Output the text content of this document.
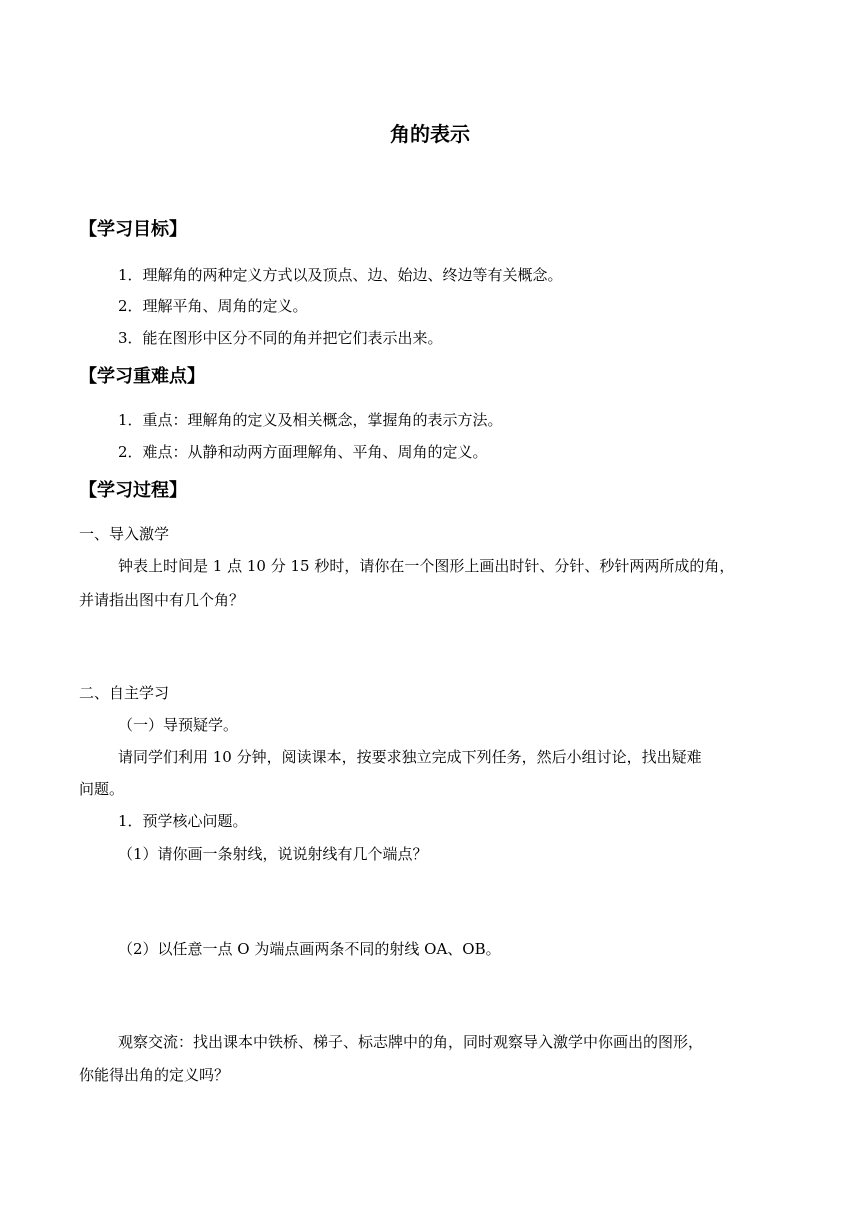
角的表示
【学习目标】
1．理解角的两种定义方式以及顶点、边、始边、终边等有关概念。
2．理解平角、周角的定义。
3．能在图形中区分不同的角并把它们表示出来。
【学习重难点】
1．重点：理解角的定义及相关概念，掌握角的表示方法。
2．难点：从静和动两方面理解角、平角、周角的定义。
【学习过程】
一、导入激学
钟表上时间是 1 点 10 分 15 秒时，请你在一个图形上画出时针、分针、秒针两两所成的角，
并请指出图中有几个角？
二、自主学习
（一）导预疑学。
请同学们利用 10 分钟，阅读课本，按要求独立完成下列任务，然后小组讨论，找出疑难
问题。
1．预学核心问题。
（1）请你画一条射线，说说射线有几个端点？
（2）以任意一点 O 为端点画两条不同的射线 OA、OB。
观察交流：找出课本中铁桥、梯子、标志牌中的角，同时观察导入激学中你画出的图形，
你能得出角的定义吗？
